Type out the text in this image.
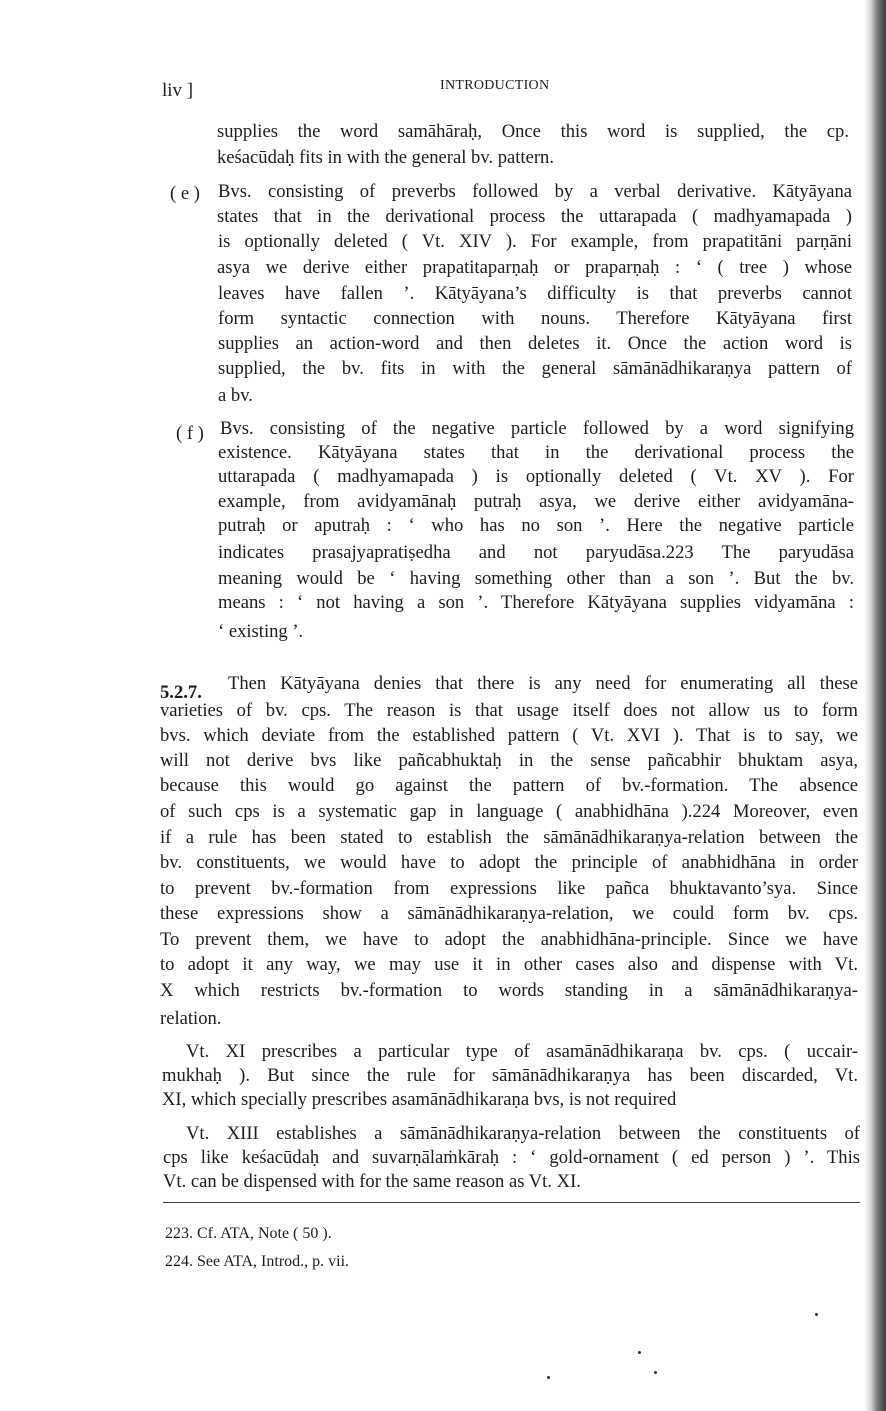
liv ]	INTRODUCTION
supplies the word samāhāraḥ, Once this word is supplied, the cp.
keśacūdaḥ fits in with the general bv. pattern.
( e ) Bvs. consisting of preverbs followed by a verbal derivative. Kātyāyana
states that in the derivational process the uttarapada ( madhyamapada )
is optionally deleted ( Vt. XIV ). For example, from prapatitāni parṇāni
asya we derive either prapatitaparṇaḥ or praparṇaḥ : ‘ ( tree ) whose
leaves have fallen ’. Kātyāyana’s difficulty is that preverbs cannot
form syntactic connection with nouns. Therefore Kātyāyana first
supplies an action-word and then deletes it. Once the action word is
supplied, the bv. fits in with the general sāmānādhikaraṇya pattern of
a bv.
( f ) Bvs. consisting of the negative particle followed by a word signifying
existence. Kātyāyana states that in the derivational process the
uttarapada ( madhyamapada ) is optionally deleted ( Vt. XV ). For
example, from avidyamānaḥ putraḥ asya, we derive either avidyamāna-
putraḥ or aputraḥ : ‘ who has no son ’. Here the negative particle
indicates prasajyapratiṣedha and not paryudāsa.223 The paryudāsa
meaning would be ‘ having something other than a son ’. But the bv.
means : ‘ not having a son ’. Therefore Kātyāyana supplies vidyamāna :
‘ existing ’.
5.2.7. Then Kātyāyana denies that there is any need for enumerating all these
varieties of bv. cps. The reason is that usage itself does not allow us to form
bvs. which deviate from the established pattern ( Vt. XVI ). That is to say, we
will not derive bvs like pañcabhuktaḥ in the sense pañcabhir bhuktam asya,
because this would go against the pattern of bv.-formation. The absence
of such cps is a systematic gap in language ( anabhidhāna ).224 Moreover, even
if a rule has been stated to establish the sāmānādhikaraṇya-relation between the
bv. constituents, we would have to adopt the principle of anabhidhāna in order
to prevent bv.-formation from expressions like pañca bhuktavanto’sya. Since
these expressions show a sāmānādhikaraṇya-relation, we could form bv. cps.
To prevent them, we have to adopt the anabhidhāna-principle. Since we have
to adopt it any way, we may use it in other cases also and dispense with Vt.
X which restricts bv.-formation to words standing in a sāmānādhikaraṇya-
relation.
Vt. XI prescribes a particular type of asamānādhikaraṇa bv. cps. ( uccair-
mukhaḥ ). But since the rule for sāmānādhikaraṇya has been discarded, Vt.
XI, which specially prescribes asamānādhikaraṇa bvs, is not required
Vt. XIII establishes a sāmānādhikaraṇya-relation between the constituents of
cps like keśacūdaḥ and suvarṇālaṁkāraḥ : ‘ gold-ornament ( ed person ) ’. This
Vt. can be dispensed with for the same reason as Vt. XI.
223. Cf. ATA, Note ( 50 ).
224. See ATA, Introd., p. vii.
